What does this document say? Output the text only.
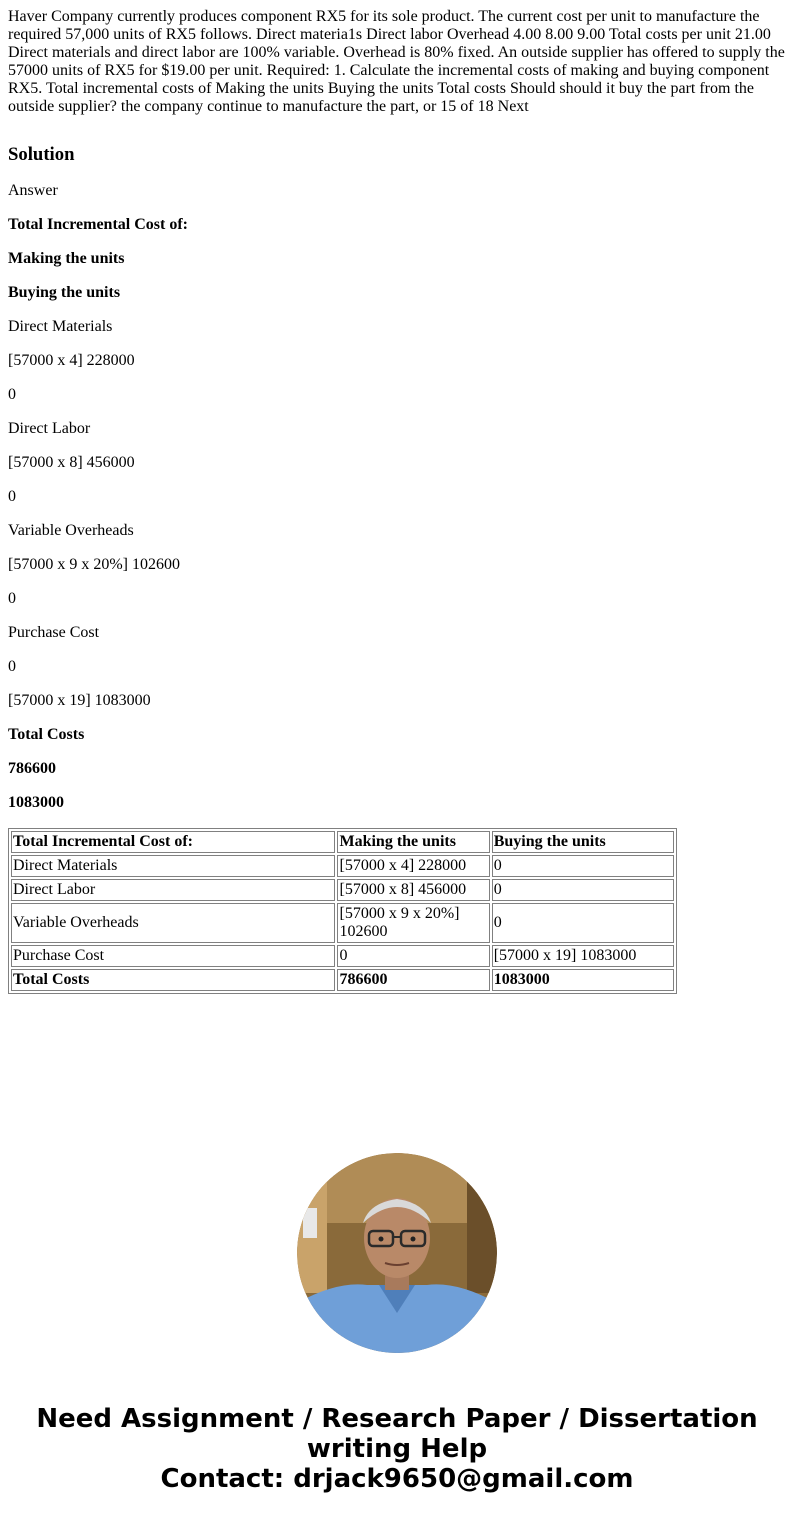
Haver Company currently produces component RX5 for its sole product. The current cost per unit to manufacture the required 57,000 units of RX5 follows. Direct materia1s Direct labor Overhead 4.00 8.00 9.00 Total costs per unit 21.00 Direct materials and direct labor are 100% variable. Overhead is 80% fixed. An outside supplier has offered to supply the 57000 units of RX5 for $19.00 per unit. Required: 1. Calculate the incremental costs of making and buying component RX5. Total incremental costs of Making the units Buying the units Total costs Should should it buy the part from the outside supplier? the company continue to manufacture the part, or 15 of 18 Next
Solution

Answer

Total Incremental Cost of:

Making the units

Buying the units

Direct Materials

[57000 x 4] 228000

0

Direct Labor

[57000 x 8] 456000

0

Variable Overheads

[57000 x 9 x 20%] 102600

0

Purchase Cost

0

[57000 x 19] 1083000

Total Costs

786600

1083000

Total Incremental Cost of:	Making the units	Buying the units
Direct Materials	[57000 x 4] 228000	0
Direct Labor	[57000 x 8] 456000	0
Variable Overheads	[57000 x 9 x 20%] 102600	0
Purchase Cost	0	[57000 x 19] 1083000
Total Costs	786600	1083000
Need Assignment / Research Paper / Dissertation writing Help
Contact: drjack9650@gmail.com
